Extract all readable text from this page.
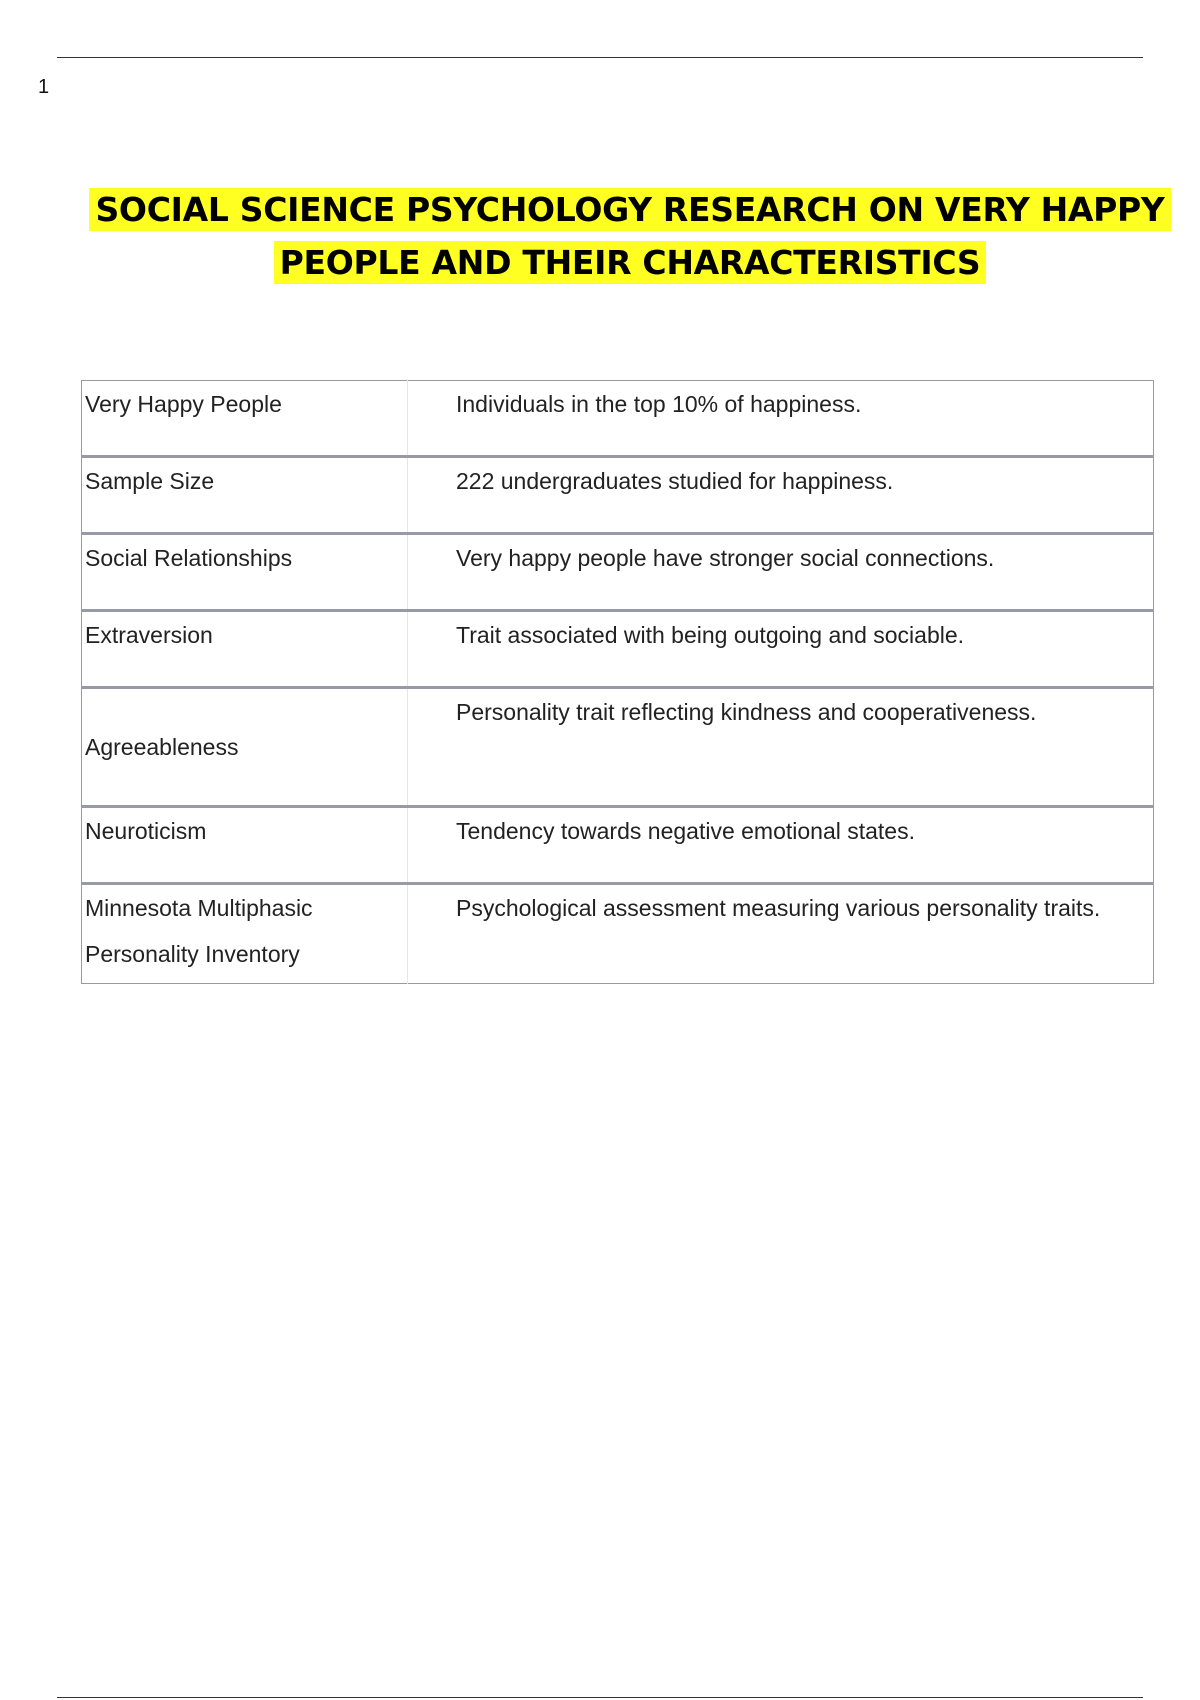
1
SOCIAL SCIENCE PSYCHOLOGY RESEARCH ON VERY HAPPY
PEOPLE AND THEIR CHARACTERISTICS
Very Happy People	Individuals in the top 10% of happiness.
Sample Size	222 undergraduates studied for happiness.
Social Relationships	Very happy people have stronger social connections.
Extraversion	Trait associated with being outgoing and sociable.
Agreeableness	Personality trait reflecting kindness and cooperativeness.
Neuroticism	Tendency towards negative emotional states.
Minnesota Multiphasic Personality Inventory	Psychological assessment measuring various personality traits.
